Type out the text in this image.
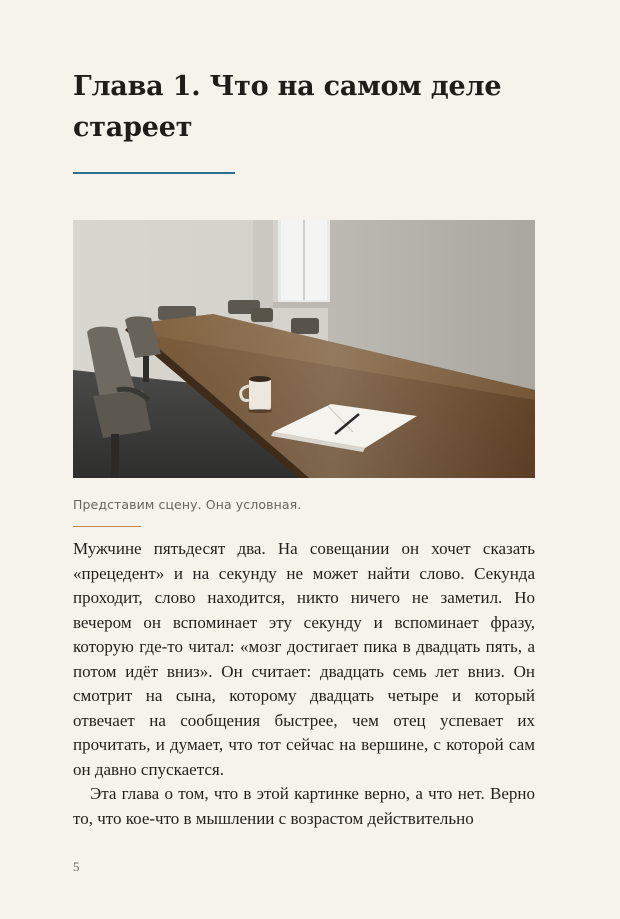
Глава 1. Что на самом деле стареет

Представим сцену. Она условная.

Мужчине пятьдесят два. На совещании он хочет сказать «прецедент» и на секунду не может найти слово. Секунда проходит, слово находится, никто ничего не заметил. Но вечером он вспоминает эту секунду и вспоминает фразу, которую где-то читал: «мозг достигает пика в двадцать пять, а потом идёт вниз». Он считает: двадцать семь лет вниз. Он смотрит на сына, которому двадцать четыре и который отвечает на сообщения быстрее, чем отец успевает их прочитать, и думает, что тот сейчас на вершине, с которой сам он давно спускается.

Эта глава о том, что в этой картинке верно, а что нет. Верно то, что кое-что в мышлении с возрастом действительно

5
